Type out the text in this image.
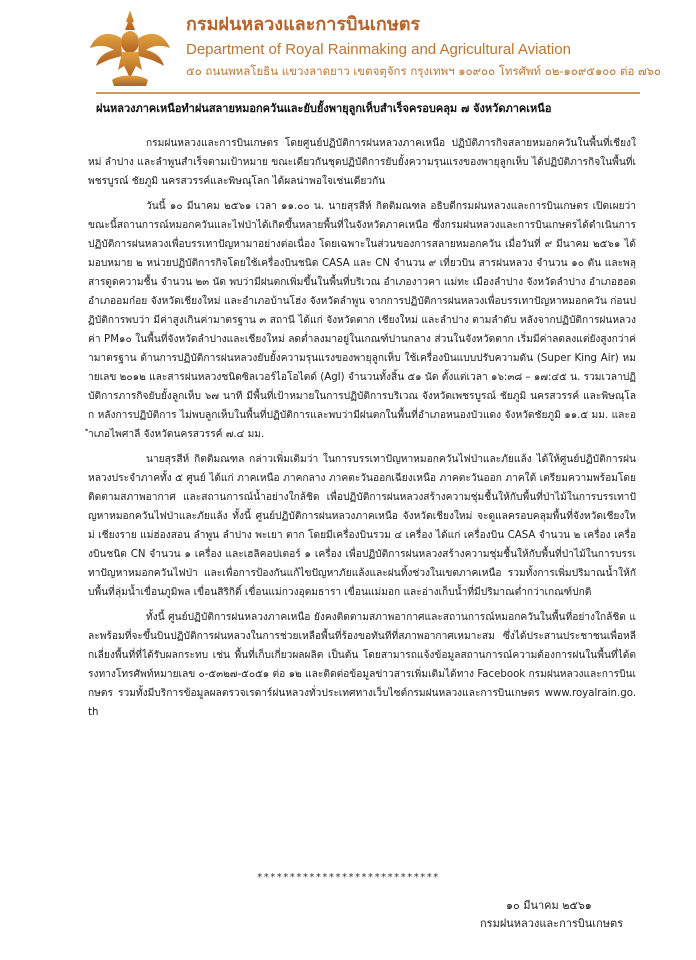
กรมฝนหลวงและการบินเกษตร
Department of Royal Rainmaking and Agricultural Aviation
๕๐ ถนนพหลโยธิน แขวงลาดยาว เขตจตุจักร กรุงเทพฯ ๑๐๙๐๐ โทรศัพท์ ๐๒-๑๐๙๕๑๐๐ ต่อ ๗๖๐
ฝนหลวงภาคเหนือทำฝนสลายหมอกควันและยับยั้งพายุลูกเห็บสำเร็จครอบคลุม ๗ จังหวัดภาคเหนือ

กรมฝนหลวงและการบินเกษตร โดยศูนย์ปฏิบัติการฝนหลวงภาคเหนือ ปฏิบัติภารกิจสลายหมอกควันในพื้นที่เชียงใหม่ ลำปาง และลำพูนสำเร็จตามเป้าหมาย ขณะเดียวกันชุดปฏิบัติการยับยั้งความรุนแรงของพายุลูกเห็บ ได้ปฏิบัติภารกิจในพื้นที่เพชรบูรณ์ ชัยภูมิ นครสวรรค์และพิษณุโลก ได้ผลน่าพอใจเช่นเดียวกัน

วันนี้ ๑๐ มีนาคม ๒๕๖๑ เวลา ๑๑.๐๐ น. นายสุรสีห์ กิตติมณฑล อธิบดีกรมฝนหลวงและการบินเกษตร เปิดเผยว่า ขณะนี้สถานการณ์หมอกควันและไฟป่าได้เกิดขึ้นหลายพื้นที่ในจังหวัดภาคเหนือ ซึ่งกรมฝนหลวงและการบินเกษตรได้ดำเนินการปฏิบัติการฝนหลวงเพื่อบรรเทาปัญหามาอย่างต่อเนื่อง โดยเฉพาะในส่วนของการสลายหมอกควัน เมื่อวันที่ ๙ มีนาคม ๒๕๖๑ ได้มอบหมาย ๒ หน่วยปฏิบัติการกิจโดยใช้เครื่องบินชนิด CASA และ CN จำนวน ๙ เที่ยวบิน สารฝนหลวง จำนวน ๑๐ ตัน และพลุสารดูดความชื้น จำนวน ๒๓ นัด พบว่ามีฝนตกเพิ่มขึ้นในพื้นที่บริเวณ อำเภองาวคา แม่ทะ เมืองลำปาง จังหวัดลำปาง อำเภอฮอด อำเภออมก๋อย จังหวัดเชียงใหม่ และอำเภอบ้านโฮ่ง จังหวัดลำพูน จากการปฏิบัติการฝนหลวงเพื่อบรรเทาปัญหาหมอกควัน ก่อนปฏิบัติการพบว่า มีค่าสูงเกินค่ามาตรฐาน ๓ สถานี ได้แก่ จังหวัดตาก เชียงใหม่ และลำปาง ตามลำดับ หลังจากปฏิบัติการฝนหลวงค่า PM๑๐ ในพื้นที่จังหวัดลำปางและเชียงใหม่ ลดต่ำลงมาอยู่ในเกณฑ์ปานกลาง ส่วนในจังหวัดตาก เริ่มมีค่าลดลงแต่ยังสูงกว่าค่ามาตรฐาน ด้านการปฏิบัติการฝนหลวงยับยั้งความรุนแรงของพายุลูกเห็บ ใช้เครื่องบินแบบปรับความดัน (Super King Air) หมายเลข ๒๐๑๒ และสารฝนหลวงชนิดซิลเวอร์ไอโอไดด์ (AgI) จำนวนทั้งสิ้น ๕๑ นัด ตั้งแต่เวลา ๑๖:๓๘ – ๑๗:๔๕ น. รวมเวลาปฏิบัติการภารกิจยับยั้งลูกเห็บ ๖๗ นาที มีพื้นที่เป้าหมายในการปฏิบัติการบริเวณ จังหวัดเพชรบูรณ์ ชัยภูมิ นครสวรรค์ และพิษณุโลก หลังการปฏิบัติการ ไม่พบลูกเห็บในพื้นที่ปฏิบัติการและพบว่ามีฝนตกในพื้นที่อำเภอหนองบัวแดง จังหวัดชัยภูมิ ๑๑.๕ มม. และอำเภอไพศาลี จังหวัดนครสวรรค์ ๗.๔ มม.

นายสุรสีห์ กิตติมณฑล กล่าวเพิ่มเติมว่า ในการบรรเทาปัญหาหมอกควันไฟป่าและภัยแล้ง ได้ให้ศูนย์ปฏิบัติการฝนหลวงประจำภาคทั้ง ๕ ศูนย์ ได้แก่ ภาคเหนือ ภาคกลาง ภาคตะวันออกเฉียงเหนือ ภาคตะวันออก ภาคใต้ เตรียมความพร้อมโดยติดตามสภาพอากาศ และสถานการณ์น้ำอย่างใกล้ชิด เพื่อปฏิบัติการฝนหลวงสร้างความชุ่มชื้นให้กับพื้นที่ป่าไม้ในการบรรเทาปัญหาหมอกควันไฟป่าและภัยแล้ง ทั้งนี้ ศูนย์ปฏิบัติการฝนหลวงภาคเหนือ จังหวัดเชียงใหม่ จะดูแลครอบคลุมพื้นที่จังหวัดเชียงใหม่ เชียงราย แม่ฮ่องสอน ลำพูน ลำปาง พะเยา ตาก โดยมีเครื่องบินรวม ๔ เครื่อง ได้แก่ เครื่องบิน CASA จำนวน ๒ เครื่อง เครื่องบินชนิด CN จำนวน ๑ เครื่อง และเฮลิคอปเตอร์ ๑ เครื่อง เพื่อปฏิบัติการฝนหลวงสร้างความชุ่มชื้นให้กับพื้นที่ป่าไม้ในการบรรเทาปัญหาหมอกควันไฟป่า และเพื่อการป้องกันแก้ไขปัญหาภัยแล้งและฝนทิ้งช่วงในเขตภาคเหนือ รวมทั้งการเพิ่มปริมาณน้ำให้กับพื้นที่ลุ่มน้ำเขื่อนภูมิพล เขื่อนสิริกิติ์ เขื่อนแม่กวงอุดมธารา เขื่อนแม่มอก และอ่างเก็บน้ำที่มีปริมาณต่ำกว่าเกณฑ์ปกติ

ทั้งนี้ ศูนย์ปฏิบัติการฝนหลวงภาคเหนือ ยังคงติดตามสภาพอากาศและสถานการณ์หมอกควันในพื้นที่อย่างใกล้ชิด และพร้อมที่จะขึ้นบินปฏิบัติการฝนหลวงในการช่วยเหลือพื้นที่ร้องขอทันทีที่สภาพอากาศเหมาะสม ซึ่งได้ประสานประชาชนเพื่อหลีกเลี่ยงพื้นที่ที่ได้รับผลกระทบ เช่น พื้นที่เก็บเกี่ยวผลผลิต เป็นต้น โดยสามารถแจ้งข้อมูลสถานการณ์ความต้องการฝนในพื้นที่ได้ตรงทางโทรศัพท์หมายเลข ๐-๕๓๒๗-๕๐๕๑ ต่อ ๑๒ และติดต่อข้อมูลข่าวสารเพิ่มเติมได้ทาง Facebook กรมฝนหลวงและการบินเกษตร รวมทั้งมีบริการข้อมูลผลตรวจเรดาร์ฝนหลวงทั่วประเทศทางเว็บไซต์กรมฝนหลวงและการบินเกษตร www.royalrain.go.th

****************************
๑๐ มีนาคม ๒๕๖๑
กรมฝนหลวงและการบินเกษตร
